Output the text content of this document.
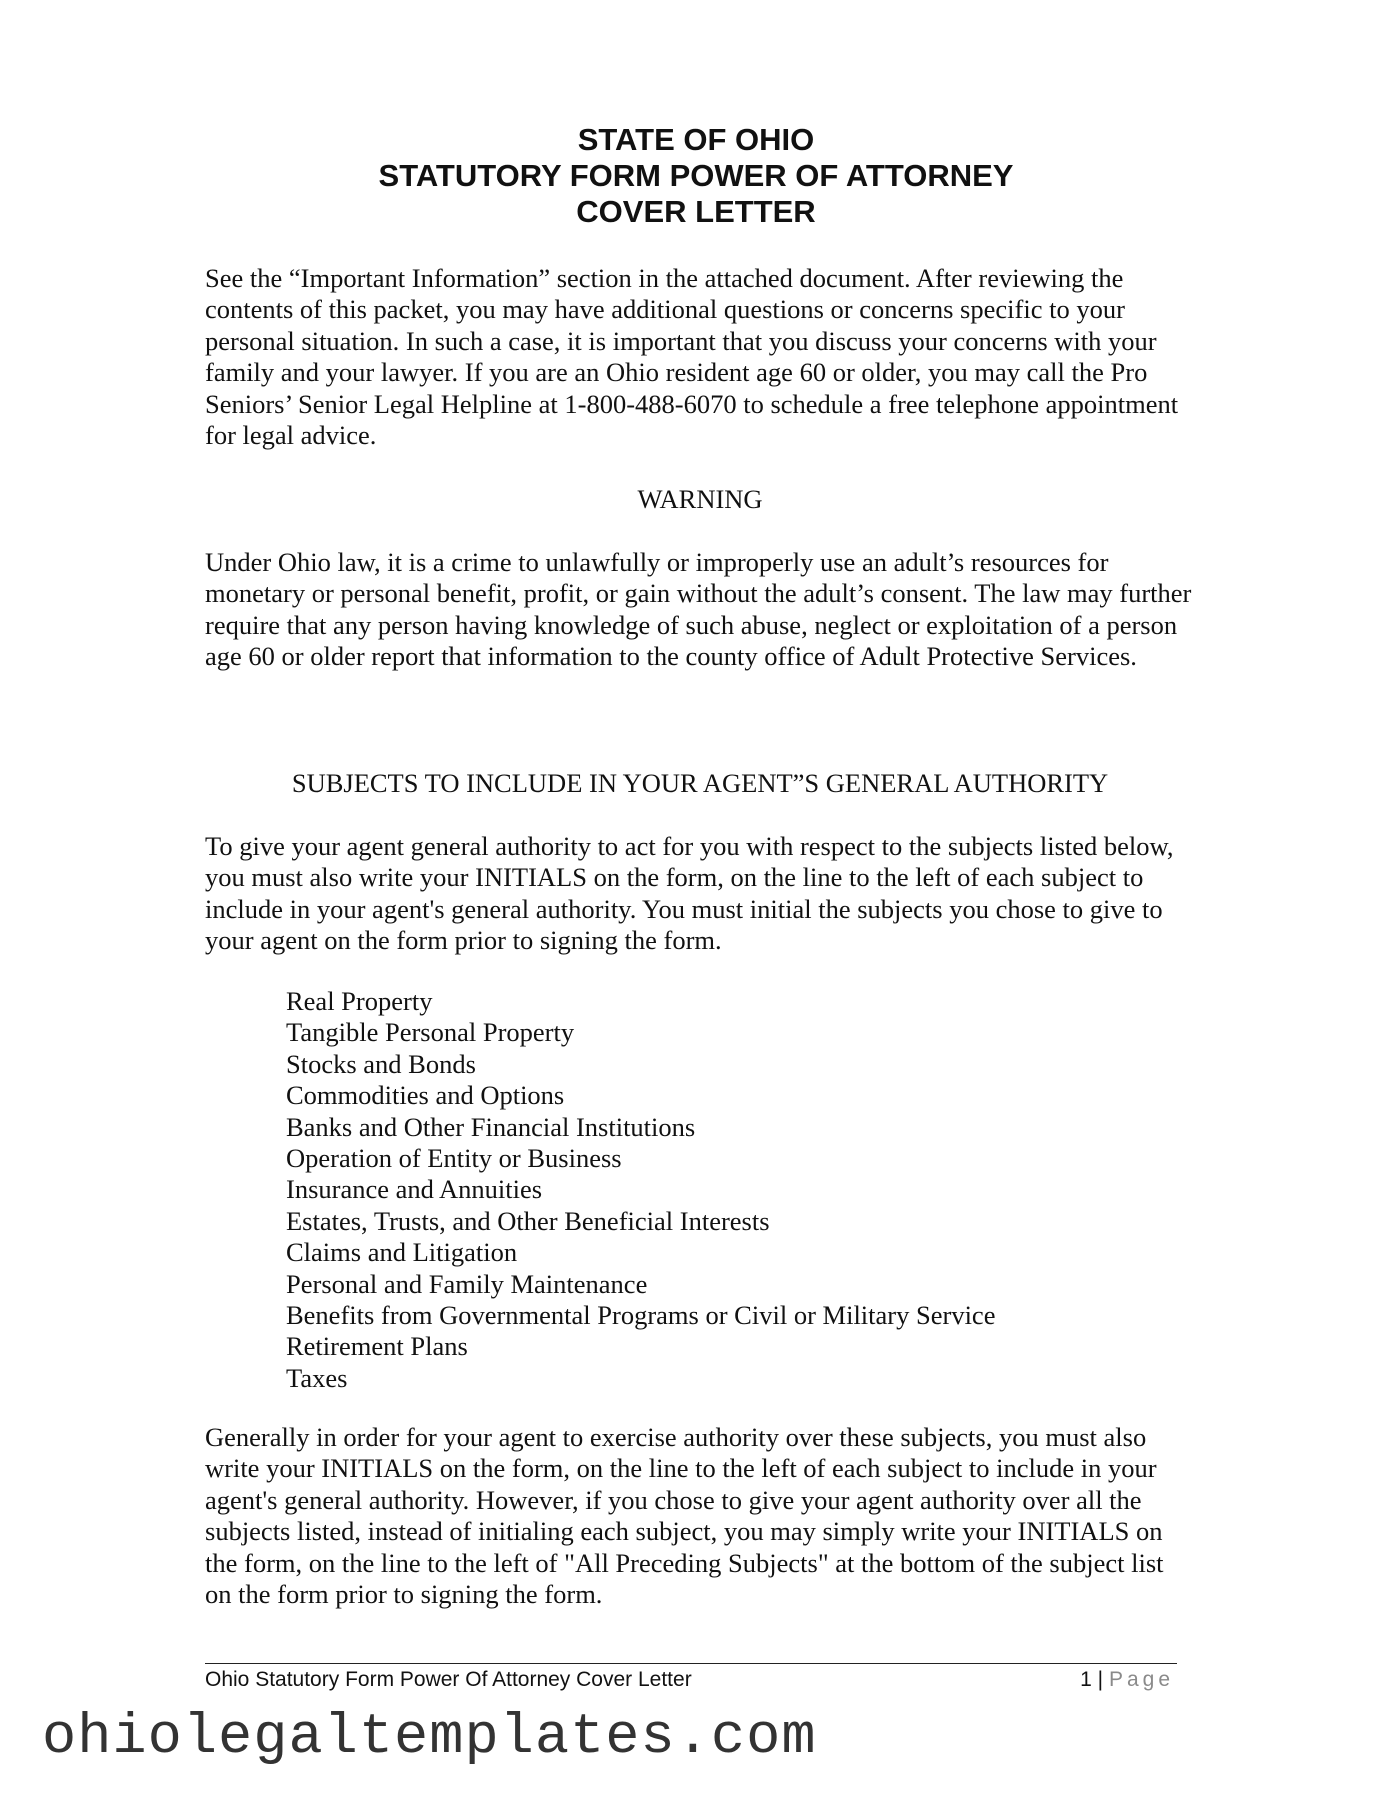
STATE OF OHIO
STATUTORY FORM POWER OF ATTORNEY
COVER LETTER

See the “Important Information” section in the attached document. After reviewing the contents of this packet, you may have additional questions or concerns specific to your personal situation. In such a case, it is important that you discuss your concerns with your family and your lawyer. If you are an Ohio resident age 60 or older, you may call the Pro Seniors’ Senior Legal Helpline at 1-800-488-6070 to schedule a free telephone appointment for legal advice.

WARNING

Under Ohio law, it is a crime to unlawfully or improperly use an adult’s resources for monetary or personal benefit, profit, or gain without the adult’s consent. The law may further require that any person having knowledge of such abuse, neglect or exploitation of a person age 60 or older report that information to the county office of Adult Protective Services.

SUBJECTS TO INCLUDE IN YOUR AGENT”S GENERAL AUTHORITY

To give your agent general authority to act for you with respect to the subjects listed below, you must also write your INITIALS on the form, on the line to the left of each subject to include in your agent's general authority. You must initial the subjects you chose to give to your agent on the form prior to signing the form.

Real Property
Tangible Personal Property
Stocks and Bonds
Commodities and Options
Banks and Other Financial Institutions
Operation of Entity or Business
Insurance and Annuities
Estates, Trusts, and Other Beneficial Interests
Claims and Litigation
Personal and Family Maintenance
Benefits from Governmental Programs or Civil or Military Service
Retirement Plans
Taxes

Generally in order for your agent to exercise authority over these subjects, you must also write your INITIALS on the form, on the line to the left of each subject to include in your agent's general authority. However, if you chose to give your agent authority over all the subjects listed, instead of initialing each subject, you may simply write your INITIALS on the form, on the line to the left of "All Preceding Subjects" at the bottom of the subject list on the form prior to signing the form.

Ohio Statutory Form Power Of Attorney Cover Letter	1 | Page
ohiolegaltemplates.com
